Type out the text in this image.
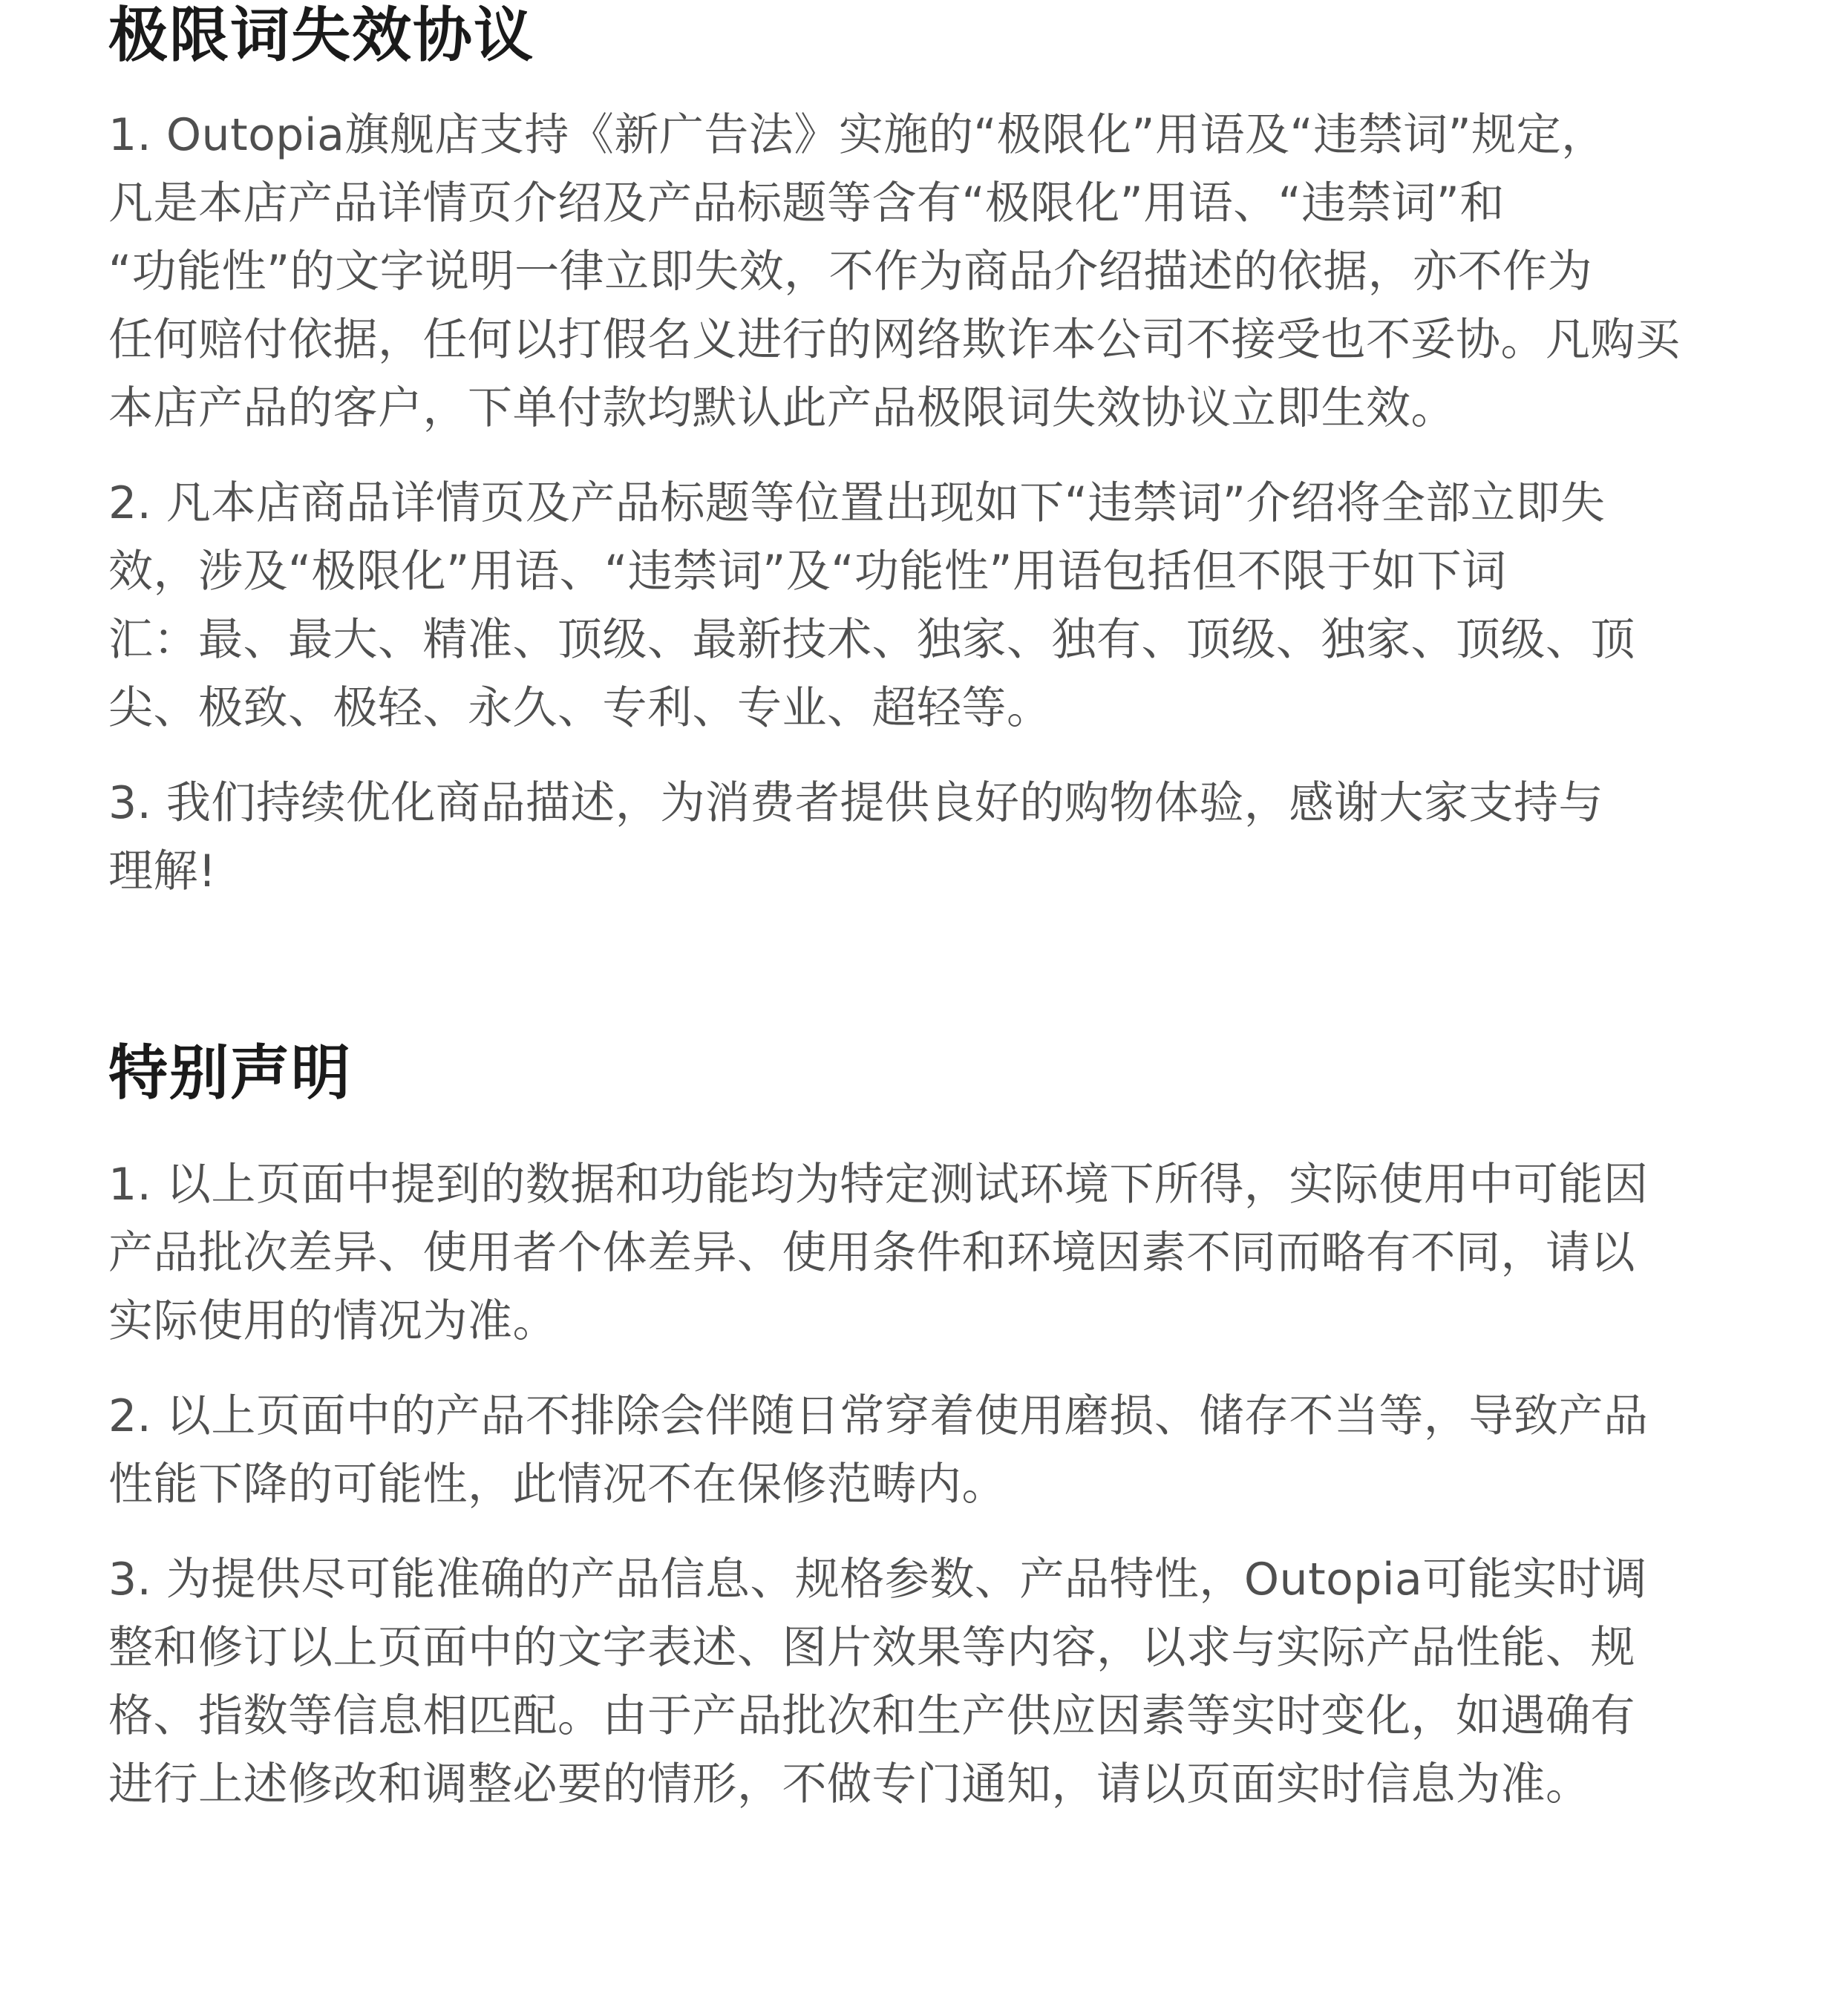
极限词失效协议

1. Outopia旗舰店支持《新广告法》实施的“极限化”用语及“违禁词”规定，
凡是本店产品详情页介绍及产品标题等含有“极限化”用语、“违禁词”和
“功能性”的文字说明一律立即失效，不作为商品介绍描述的依据，亦不作为
任何赔付依据，任何以打假名义进行的网络欺诈本公司不接受也不妥协。凡购买
本店产品的客户，下单付款均默认此产品极限词失效协议立即生效。

2. 凡本店商品详情页及产品标题等位置出现如下“违禁词”介绍将全部立即失
效，涉及“极限化”用语、“违禁词”及“功能性”用语包括但不限于如下词
汇：最、最大、精准、顶级、最新技术、独家、独有、顶级、独家、顶级、顶
尖、极致、极轻、永久、专利、专业、超轻等。

3. 我们持续优化商品描述，为消费者提供良好的购物体验，感谢大家支持与
理解!

特别声明

1. 以上页面中提到的数据和功能均为特定测试环境下所得，实际使用中可能因
产品批次差异、使用者个体差异、使用条件和环境因素不同而略有不同，请以
实际使用的情况为准。

2. 以上页面中的产品不排除会伴随日常穿着使用磨损、储存不当等，导致产品
性能下降的可能性，此情况不在保修范畴内。

3. 为提供尽可能准确的产品信息、规格参数、产品特性，Outopia可能实时调
整和修订以上页面中的文字表述、图片效果等内容，以求与实际产品性能、规
格、指数等信息相匹配。由于产品批次和生产供应因素等实时变化，如遇确有
进行上述修改和调整必要的情形，不做专门通知，请以页面实时信息为准。
